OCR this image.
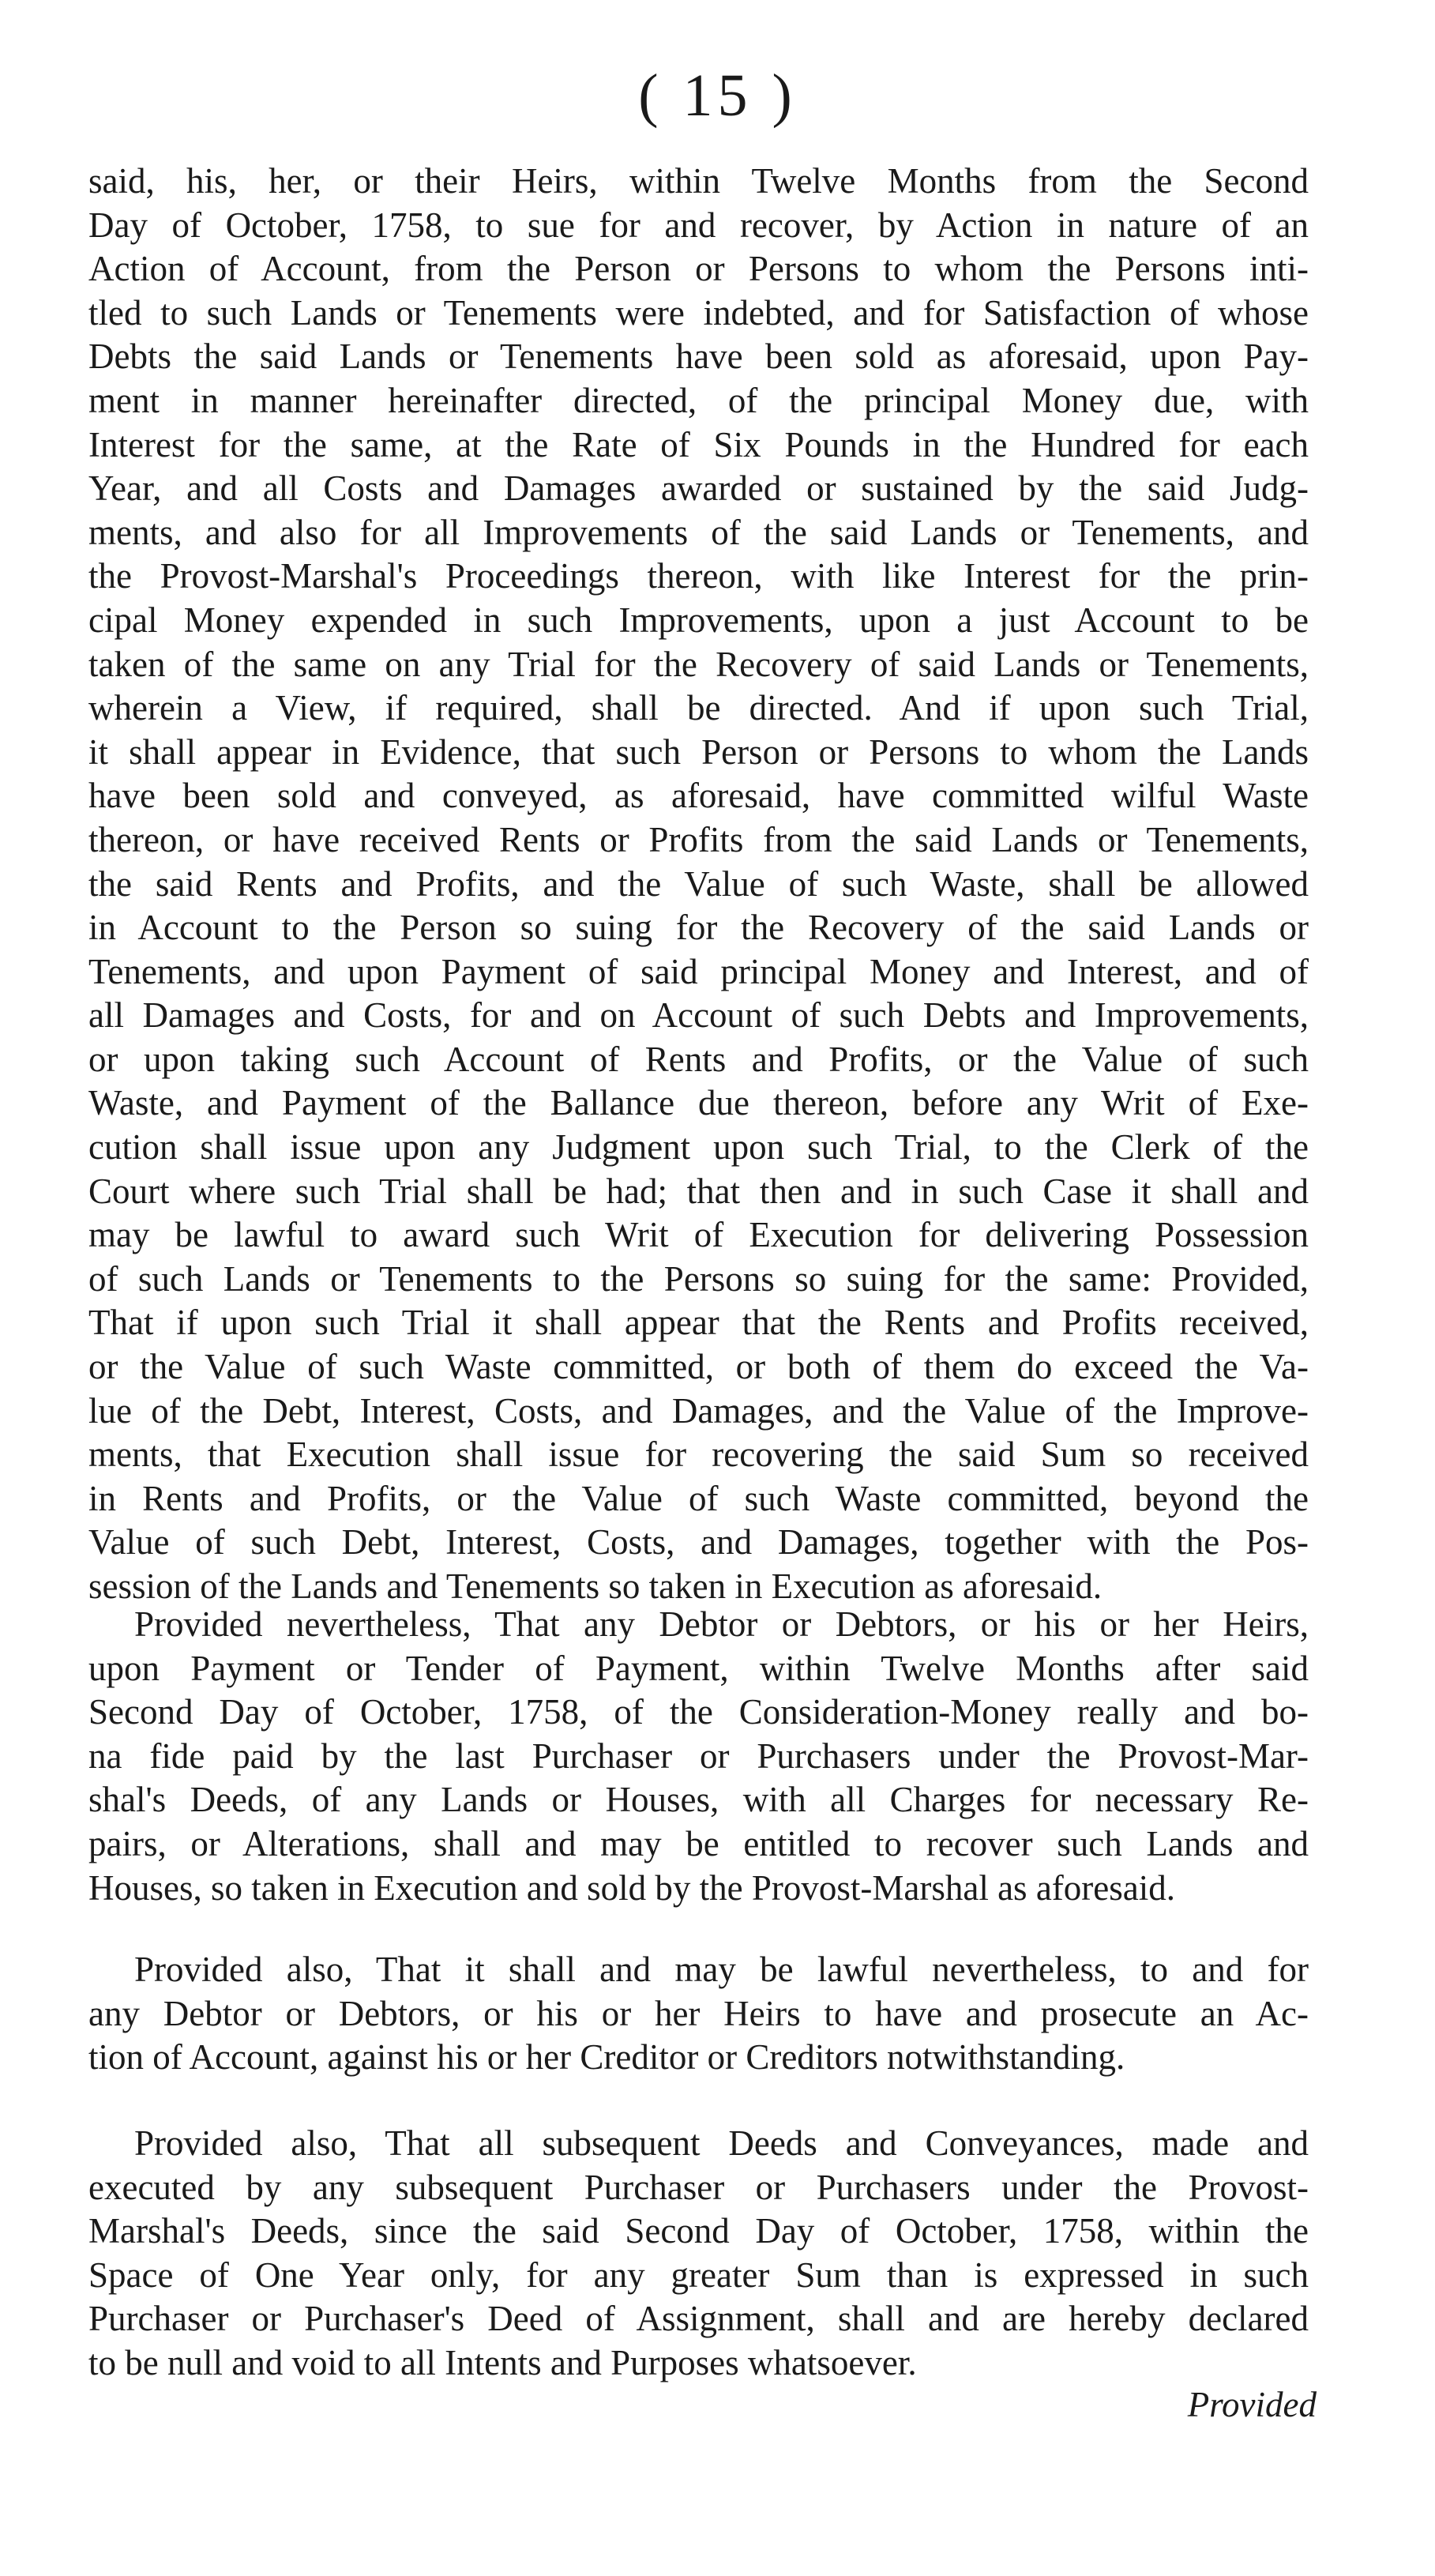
( 15 )
said, his, her, or their Heirs, within Twelve Months from the Second
Day of October, 1758, to sue for and recover, by Action in nature of an
Action of Account, from the Person or Persons to whom the Persons inti-
tled to such Lands or Tenements were indebted, and for Satisfaction of whose
Debts the said Lands or Tenements have been sold as aforesaid, upon Pay-
ment in manner hereinafter directed, of the principal Money due, with
Interest for the same, at the Rate of Six Pounds in the Hundred for each
Year, and all Costs and Damages awarded or sustained by the said Judg-
ments, and also for all Improvements of the said Lands or Tenements, and
the Provost-Marshal's Proceedings thereon, with like Interest for the prin-
cipal Money expended in such Improvements, upon a just Account to be
taken of the same on any Trial for the Recovery of said Lands or Tenements,
wherein a View, if required, shall be directed. And if upon such Trial,
it shall appear in Evidence, that such Person or Persons to whom the Lands
have been sold and conveyed, as aforesaid, have committed wilful Waste
thereon, or have received Rents or Profits from the said Lands or Tenements,
the said Rents and Profits, and the Value of such Waste, shall be allowed
in Account to the Person so suing for the Recovery of the said Lands or
Tenements, and upon Payment of said principal Money and Interest, and of
all Damages and Costs, for and on Account of such Debts and Improvements,
or upon taking such Account of Rents and Profits, or the Value of such
Waste, and Payment of the Ballance due thereon, before any Writ of Exe-
cution shall issue upon any Judgment upon such Trial, to the Clerk of the
Court where such Trial shall be had; that then and in such Case it shall and
may be lawful to award such Writ of Execution for delivering Possession
of such Lands or Tenements to the Persons so suing for the same: Provided,
That if upon such Trial it shall appear that the Rents and Profits received,
or the Value of such Waste committed, or both of them do exceed the Va-
lue of the Debt, Interest, Costs, and Damages, and the Value of the Improve-
ments, that Execution shall issue for recovering the said Sum so received
in Rents and Profits, or the Value of such Waste committed, beyond the
Value of such Debt, Interest, Costs, and Damages, together with the Pos-
session of the Lands and Tenements so taken in Execution as aforesaid.
Provided nevertheless, That any Debtor or Debtors, or his or her Heirs,
upon Payment or Tender of Payment, within Twelve Months after said
Second Day of October, 1758, of the Consideration-Money really and bo-
na fide paid by the last Purchaser or Purchasers under the Provost-Mar-
shal's Deeds, of any Lands or Houses, with all Charges for necessary Re-
pairs, or Alterations, shall and may be entitled to recover such Lands and
Houses, so taken in Execution and sold by the Provost-Marshal as aforesaid.
Provided also, That it shall and may be lawful nevertheless, to and for
any Debtor or Debtors, or his or her Heirs to have and prosecute an Ac-
tion of Account, against his or her Creditor or Creditors notwithstanding.
Provided also, That all subsequent Deeds and Conveyances, made and
executed by any subsequent Purchaser or Purchasers under the Provost-
Marshal's Deeds, since the said Second Day of October, 1758, within the
Space of One Year only, for any greater Sum than is expressed in such
Purchaser or Purchaser's Deed of Assignment, shall and are hereby declared
to be null and void to all Intents and Purposes whatsoever.
Provided
